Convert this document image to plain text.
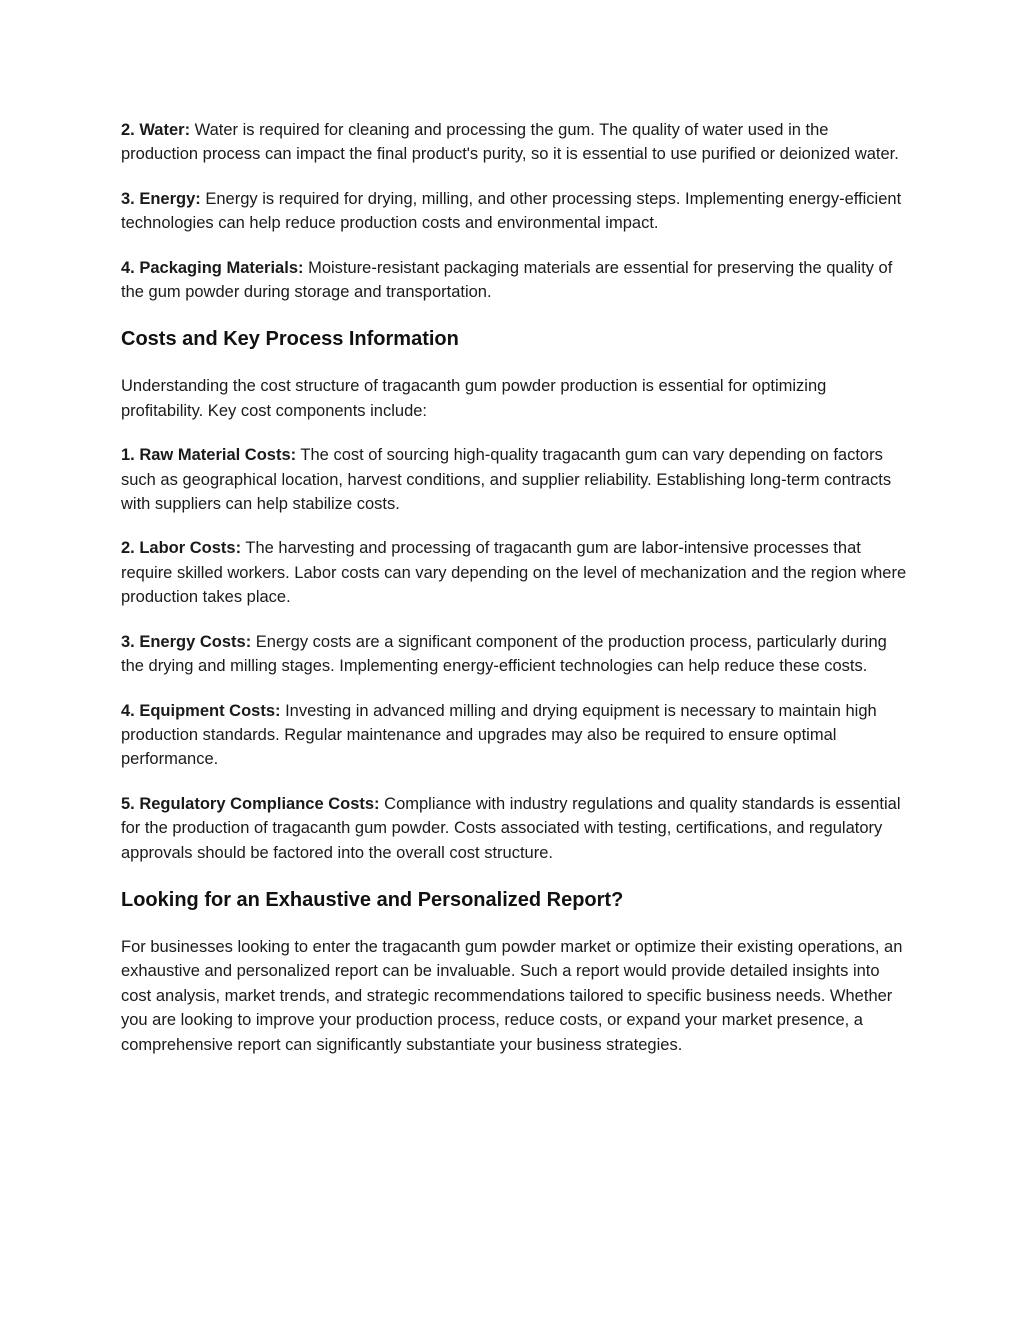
2. Water: Water is required for cleaning and processing the gum. The quality of water used in the production process can impact the final product's purity, so it is essential to use purified or deionized water.

3. Energy: Energy is required for drying, milling, and other processing steps. Implementing energy-efficient technologies can help reduce production costs and environmental impact.

4. Packaging Materials: Moisture-resistant packaging materials are essential for preserving the quality of the gum powder during storage and transportation.

Costs and Key Process Information

Understanding the cost structure of tragacanth gum powder production is essential for optimizing profitability. Key cost components include:

1. Raw Material Costs: The cost of sourcing high-quality tragacanth gum can vary depending on factors such as geographical location, harvest conditions, and supplier reliability. Establishing long-term contracts with suppliers can help stabilize costs.

2. Labor Costs: The harvesting and processing of tragacanth gum are labor-intensive processes that require skilled workers. Labor costs can vary depending on the level of mechanization and the region where production takes place.

3. Energy Costs: Energy costs are a significant component of the production process, particularly during the drying and milling stages. Implementing energy-efficient technologies can help reduce these costs.

4. Equipment Costs: Investing in advanced milling and drying equipment is necessary to maintain high production standards. Regular maintenance and upgrades may also be required to ensure optimal performance.

5. Regulatory Compliance Costs: Compliance with industry regulations and quality standards is essential for the production of tragacanth gum powder. Costs associated with testing, certifications, and regulatory approvals should be factored into the overall cost structure.

Looking for an Exhaustive and Personalized Report?

For businesses looking to enter the tragacanth gum powder market or optimize their existing operations, an exhaustive and personalized report can be invaluable. Such a report would provide detailed insights into cost analysis, market trends, and strategic recommendations tailored to specific business needs. Whether you are looking to improve your production process, reduce costs, or expand your market presence, a comprehensive report can significantly substantiate your business strategies.
